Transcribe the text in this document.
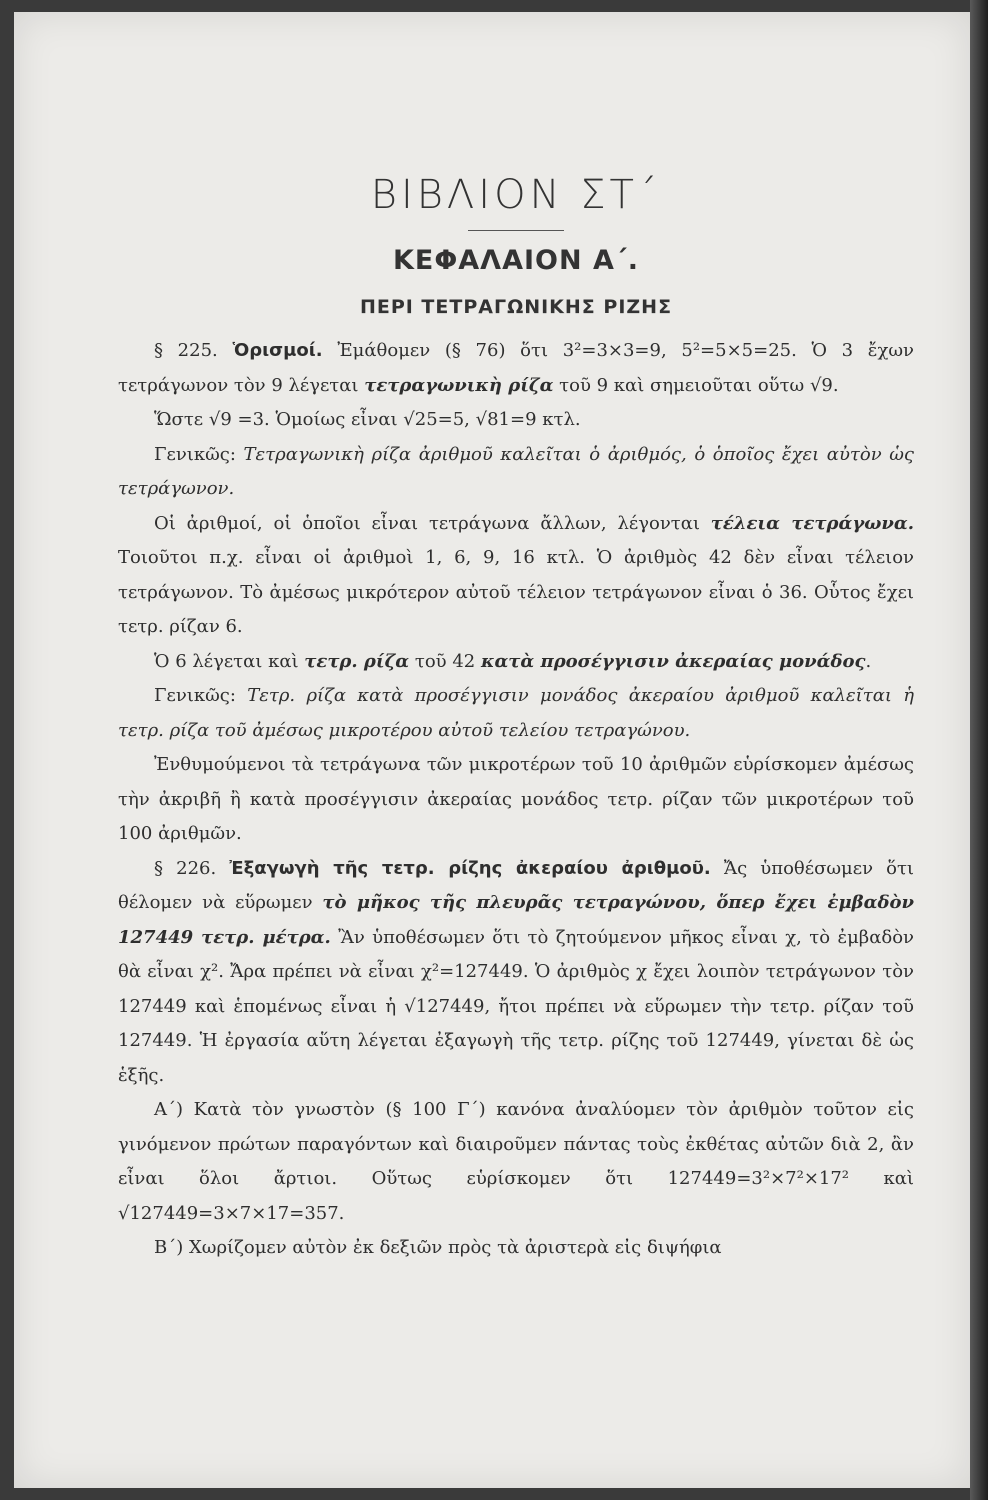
ΒΙΒΛΙΟΝ ΣΤ΄
ΚΕΦΑΛΑΙΟΝ Α΄.
ΠΕΡΙ ΤΕΤΡΑΓΩΝΙΚΗΣ ΡΙΖΗΣ

§ 225. Ὁρισμοί. Ἐμάθομεν (§ 76) ὅτι 3²=3×3=9, 5²=5×5=25. Ὁ 3 ἔχων τετράγωνον τὸν 9 λέγεται τετραγωνικὴ ρίζα τοῦ 9 καὶ σημειοῦται οὕτω √9.

Ὥστε √9 =3. Ὁμοίως εἶναι √25=5, √81=9 κτλ.

Γενικῶς: Τετραγωνικὴ ρίζα ἀριθμοῦ καλεῖται ὁ ἀριθμός, ὁ ὁποῖος ἔχει αὐτὸν ὡς τετράγωνον.

Οἱ ἀριθμοί, οἱ ὁποῖοι εἶναι τετράγωνα ἄλλων, λέγονται τέλεια τετράγωνα. Τοιοῦτοι π.χ. εἶναι οἱ ἀριθμοὶ 1, 6, 9, 16 κτλ. Ὁ ἀριθμὸς 42 δὲν εἶναι τέλειον τετράγωνον. Τὸ ἀμέσως μικρότερον αὐτοῦ τέλειον τετράγωνον εἶναι ὁ 36. Οὗτος ἔχει τετρ. ρίζαν 6.

Ὁ 6 λέγεται καὶ τετρ. ρίζα τοῦ 42 κατὰ προσέγγισιν ἀκεραίας μονάδος.

Γενικῶς: Τετρ. ρίζα κατὰ προσέγγισιν μονάδος ἀκεραίου ἀριθμοῦ καλεῖται ἡ τετρ. ρίζα τοῦ ἀμέσως μικροτέρου αὐτοῦ τελείου τετραγώνου.

Ἐνθυμούμενοι τὰ τετράγωνα τῶν μικροτέρων τοῦ 10 ἀριθμῶν εὑρίσκομεν ἀμέσως τὴν ἀκριβῆ ἢ κατὰ προσέγγισιν ἀκεραίας μονάδος τετρ. ρίζαν τῶν μικροτέρων τοῦ 100 ἀριθμῶν.

§ 226. Ἐξαγωγὴ τῆς τετρ. ρίζης ἀκεραίου ἀριθμοῦ. Ἄς ὑποθέσωμεν ὅτι θέλομεν νὰ εὕρωμεν τὸ μῆκος τῆς πλευρᾶς τετραγώνου, ὅπερ ἔχει ἐμβαδὸν 127449 τετρ. μέτρα. Ἂν ὑποθέσωμεν ὅτι τὸ ζητούμενον μῆκος εἶναι χ, τὸ ἐμβαδὸν θὰ εἶναι χ². Ἄρα πρέπει νὰ εἶναι χ²=127449. Ὁ ἀριθμὸς χ ἔχει λοιπὸν τετράγωνον τὸν 127449 καὶ ἑπομένως εἶναι ἡ √127449, ἤτοι πρέπει νὰ εὕρωμεν τὴν τετρ. ρίζαν τοῦ 127449. Ἡ ἐργασία αὕτη λέγεται ἐξαγωγὴ τῆς τετρ. ρίζης τοῦ 127449, γίνεται δὲ ὡς ἑξῆς.

Α΄) Κατὰ τὸν γνωστὸν (§ 100 Γ΄) κανόνα ἀναλύομεν τὸν ἀριθμὸν τοῦτον εἰς γινόμενον πρώτων παραγόντων καὶ διαιροῦμεν πάντας τοὺς ἐκθέτας αὐτῶν διὰ 2, ἂν εἶναι ὅλοι ἄρτιοι. Οὕτως εὑρίσκομεν ὅτι 127449=3²×7²×17² καὶ √127449=3×7×17=357.

Β΄) Χωρίζομεν αὐτὸν ἐκ δεξιῶν πρὸς τὰ ἀριστερὰ εἰς διψήφια
